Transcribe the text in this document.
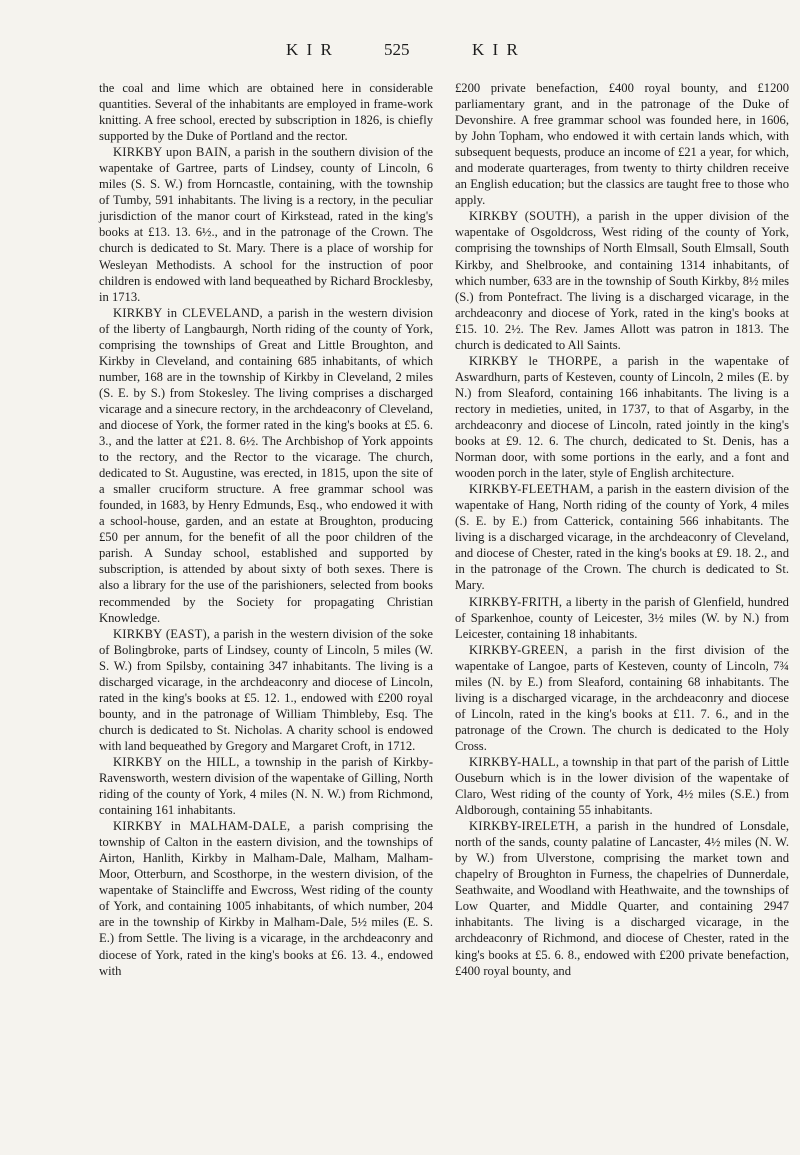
K I R	525	K I R

the coal and lime which are obtained here in considerable quantities. Several of the inhabitants are employed in frame-work knitting. A free school, erected by subscription in 1826, is chiefly supported by the Duke of Portland and the rector.

KIRKBY upon BAIN, a parish in the southern division of the wapentake of Gartree, parts of Lindsey, county of Lincoln, 6 miles (S. S. W.) from Horncastle, containing, with the township of Tumby, 591 inhabitants. The living is a rectory, in the peculiar jurisdiction of the manor court of Kirkstead, rated in the king's books at £13. 13. 6½., and in the patronage of the Crown. The church is dedicated to St. Mary. There is a place of worship for Wesleyan Methodists. A school for the instruction of poor children is endowed with land bequeathed by Richard Brocklesby, in 1713.

KIRKBY in CLEVELAND, a parish in the western division of the liberty of Langbaurgh, North riding of the county of York, comprising the townships of Great and Little Broughton, and Kirkby in Cleveland, and containing 685 inhabitants, of which number, 168 are in the township of Kirkby in Cleveland, 2 miles (S. E. by S.) from Stokesley. The living comprises a discharged vicarage and a sinecure rectory, in the archdeaconry of Cleveland, and diocese of York, the former rated in the king's books at £5. 6. 3., and the latter at £21. 8. 6½. The Archbishop of York appoints to the rectory, and the Rector to the vicarage. The church, dedicated to St. Augustine, was erected, in 1815, upon the site of a smaller cruciform structure. A free grammar school was founded, in 1683, by Henry Edmunds, Esq., who endowed it with a school-house, garden, and an estate at Broughton, producing £50 per annum, for the benefit of all the poor children of the parish. A Sunday school, established and supported by subscription, is attended by about sixty of both sexes. There is also a library for the use of the parishioners, selected from books recommended by the Society for propagating Christian Knowledge.

KIRKBY (EAST), a parish in the western division of the soke of Bolingbroke, parts of Lindsey, county of Lincoln, 5 miles (W. S. W.) from Spilsby, containing 347 inhabitants. The living is a discharged vicarage, in the archdeaconry and diocese of Lincoln, rated in the king's books at £5. 12. 1., endowed with £200 royal bounty, and in the patronage of William Thimbleby, Esq. The church is dedicated to St. Nicholas. A charity school is endowed with land bequeathed by Gregory and Margaret Croft, in 1712.

KIRKBY on the HILL, a township in the parish of Kirkby-Ravensworth, western division of the wapentake of Gilling, North riding of the county of York, 4 miles (N. N. W.) from Richmond, containing 161 inhabitants.

KIRKBY in MALHAM-DALE, a parish comprising the township of Calton in the eastern division, and the townships of Airton, Hanlith, Kirkby in Malham-Dale, Malham, Malham-Moor, Otterburn, and Scosthorpe, in the western division, of the wapentake of Staincliffe and Ewcross, West riding of the county of York, and containing 1005 inhabitants, of which number, 204 are in the township of Kirkby in Malham-Dale, 5½ miles (E. S. E.) from Settle. The living is a vicarage, in the archdeaconry and diocese of York, rated in the king's books at £6. 13. 4., endowed with

£200 private benefaction, £400 royal bounty, and £1200 parliamentary grant, and in the patronage of the Duke of Devonshire. A free grammar school was founded here, in 1606, by John Topham, who endowed it with certain lands which, with subsequent bequests, produce an income of £21 a year, for which, and moderate quarterages, from twenty to thirty children receive an English education; but the classics are taught free to those who apply.

KIRKBY (SOUTH), a parish in the upper division of the wapentake of Osgoldcross, West riding of the county of York, comprising the townships of North Elmsall, South Elmsall, South Kirkby, and Shelbrooke, and containing 1314 inhabitants, of which number, 633 are in the township of South Kirkby, 8½ miles (S.) from Pontefract. The living is a discharged vicarage, in the archdeaconry and diocese of York, rated in the king's books at £15. 10. 2½. The Rev. James Allott was patron in 1813. The church is dedicated to All Saints.

KIRKBY le THORPE, a parish in the wapentake of Aswardhurn, parts of Kesteven, county of Lincoln, 2 miles (E. by N.) from Sleaford, containing 166 inhabitants. The living is a rectory in medieties, united, in 1737, to that of Asgarby, in the archdeaconry and diocese of Lincoln, rated jointly in the king's books at £9. 12. 6. The church, dedicated to St. Denis, has a Norman door, with some portions in the early, and a font and wooden porch in the later, style of English architecture.

KIRKBY-FLEETHAM, a parish in the eastern division of the wapentake of Hang, North riding of the county of York, 4 miles (S. E. by E.) from Catterick, containing 566 inhabitants. The living is a discharged vicarage, in the archdeaconry of Cleveland, and diocese of Chester, rated in the king's books at £9. 18. 2., and in the patronage of the Crown. The church is dedicated to St. Mary.

KIRKBY-FRITH, a liberty in the parish of Glenfield, hundred of Sparkenhoe, county of Leicester, 3½ miles (W. by N.) from Leicester, containing 18 inhabitants.

KIRKBY-GREEN, a parish in the first division of the wapentake of Langoe, parts of Kesteven, county of Lincoln, 7¾ miles (N. by E.) from Sleaford, containing 68 inhabitants. The living is a discharged vicarage, in the archdeaconry and diocese of Lincoln, rated in the king's books at £11. 7. 6., and in the patronage of the Crown. The church is dedicated to the Holy Cross.

KIRKBY-HALL, a township in that part of the parish of Little Ouseburn which is in the lower division of the wapentake of Claro, West riding of the county of York, 4½ miles (S.E.) from Aldborough, containing 55 inhabitants.

KIRKBY-IRELETH, a parish in the hundred of Lonsdale, north of the sands, county palatine of Lancaster, 4½ miles (N. W. by W.) from Ulverstone, comprising the market town and chapelry of Broughton in Furness, the chapelries of Dunnerdale, Seathwaite, and Woodland with Heathwaite, and the townships of Low Quarter, and Middle Quarter, and containing 2947 inhabitants. The living is a discharged vicarage, in the archdeaconry of Richmond, and diocese of Chester, rated in the king's books at £5. 6. 8., endowed with £200 private benefaction, £400 royal bounty, and
